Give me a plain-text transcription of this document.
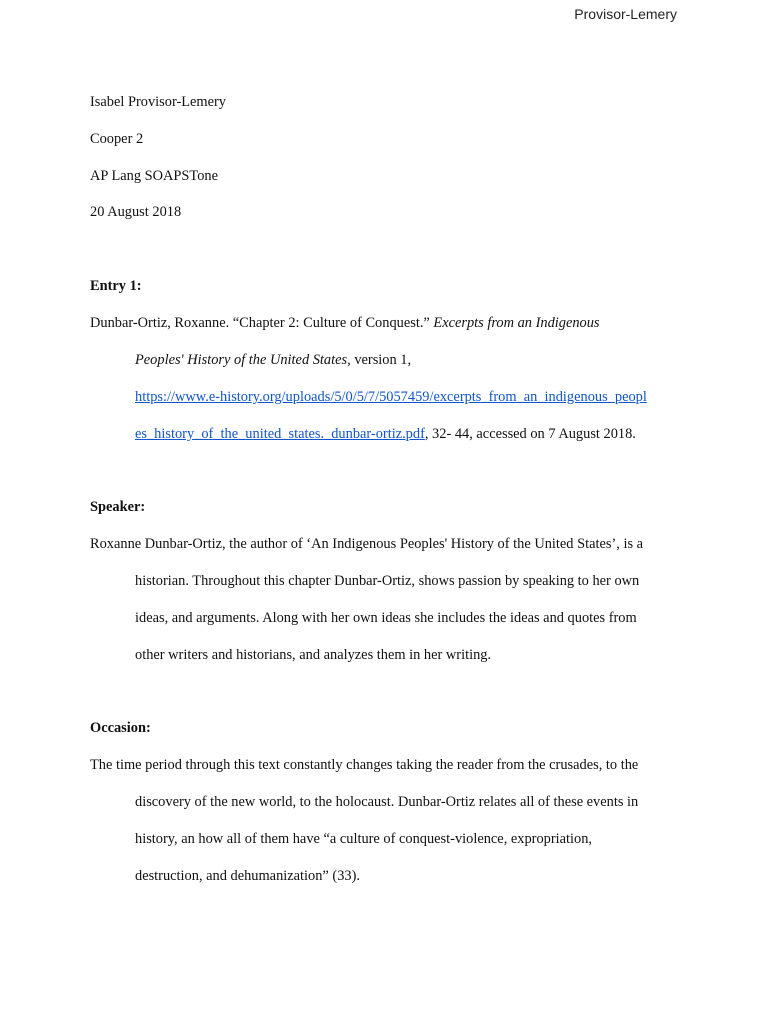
Provisor-Lemery
Isabel Provisor-Lemery
Cooper 2
AP Lang SOAPSTone
20 August 2018
Entry 1:
Dunbar-Ortiz, Roxanne. “Chapter 2: Culture of Conquest.” Excerpts from an Indigenous
Peoples' History of the United States, version 1,
https://www.e-history.org/uploads/5/0/5/7/5057459/excerpts_from_an_indigenous_peopl
es_history_of_the_united_states._dunbar-ortiz.pdf, 32- 44, accessed on 7 August 2018.
Speaker:
Roxanne Dunbar-Ortiz, the author of ‘An Indigenous Peoples' History of the United States’, is a
historian. Throughout this chapter Dunbar-Ortiz, shows passion by speaking to her own
ideas, and arguments. Along with her own ideas she includes the ideas and quotes from
other writers and historians, and analyzes them in her writing.
Occasion:
The time period through this text constantly changes taking the reader from the crusades, to the
discovery of the new world, to the holocaust. Dunbar-Ortiz relates all of these events in
history, an how all of them have “a culture of conquest-violence, expropriation,
destruction, and dehumanization” (33).
